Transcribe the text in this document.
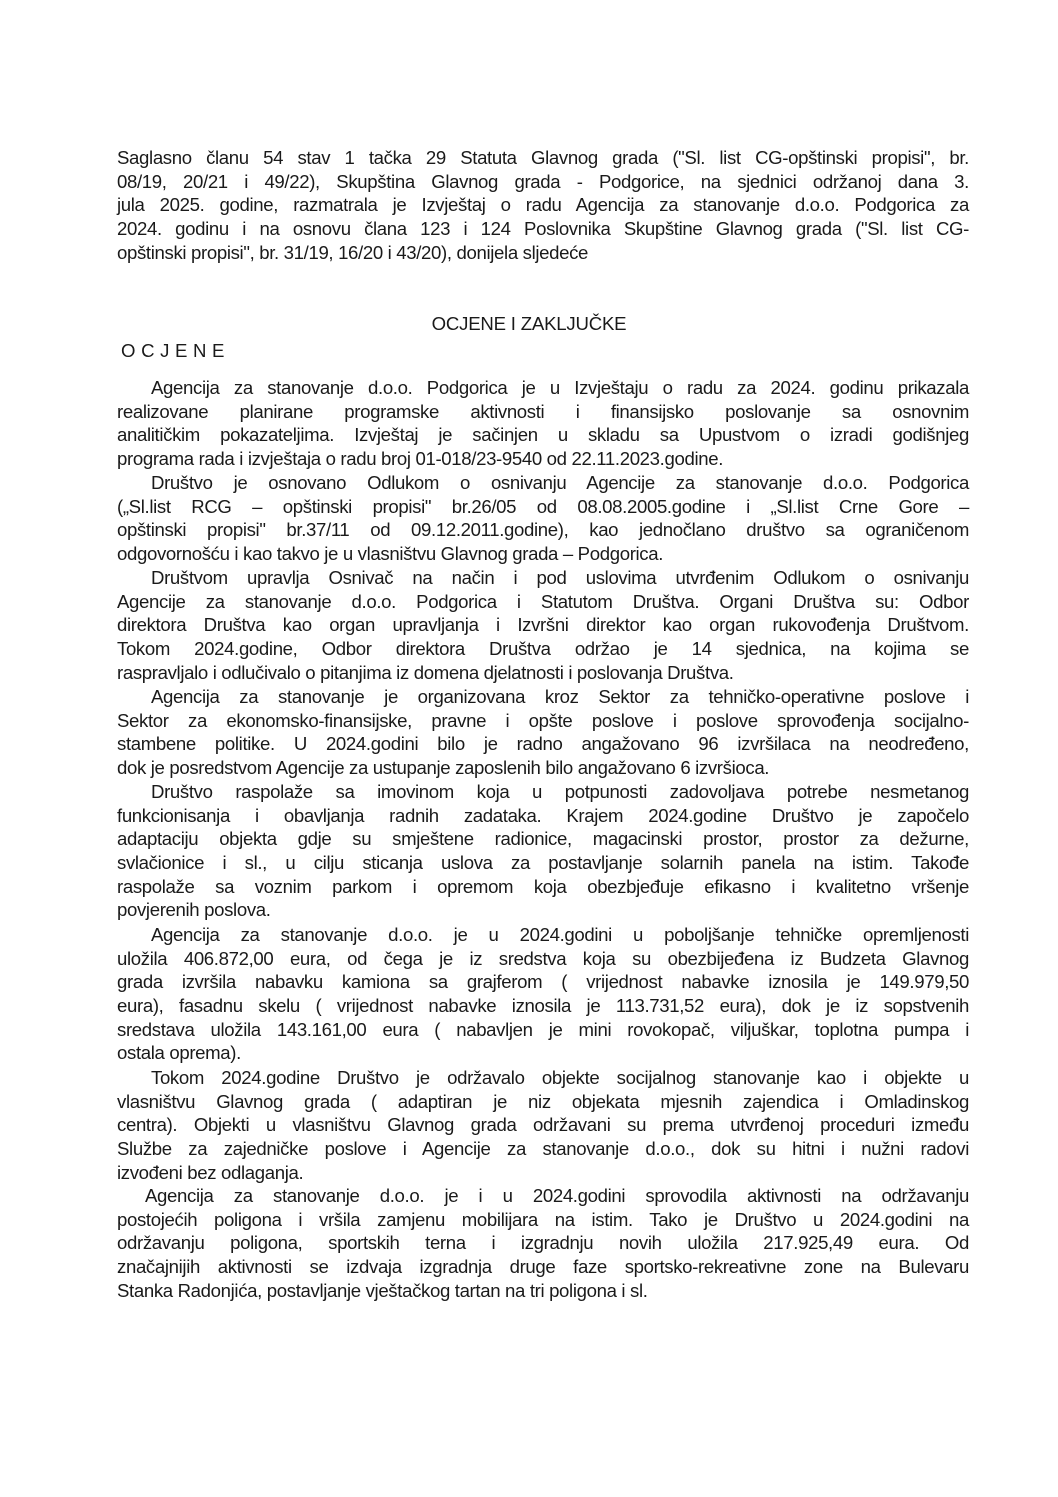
Saglasno članu 54 stav 1 tačka 29 Statuta Glavnog grada ("Sl. list CG-opštinski propisi", br.
08/19, 20/21 i 49/22), Skupština Glavnog grada - Podgorice, na sjednici održanoj dana 3.
jula 2025. godine, razmatrala je Izvještaj o radu Agencija za stanovanje d.o.o. Podgorica za
2024. godinu i na osnovu člana 123 i 124 Poslovnika Skupštine Glavnog grada ("Sl. list CG-
opštinski propisi", br. 31/19, 16/20 i 43/20), donijela sljedeće
OCJENE I ZAKLJUČKE
OCJENE
Agencija za stanovanje d.o.o. Podgorica je u Izvještaju o radu za 2024. godinu prikazala
realizovane planirane programske aktivnosti i finansijsko poslovanje sa osnovnim
analitičkim pokazateljima. Izvještaj je sačinjen u skladu sa Upustvom o izradi godišnjeg
programa rada i izvještaja o radu broj 01-018/23-9540 od 22.11.2023.godine.
Društvo je osnovano Odlukom o osnivanju Agencije za stanovanje d.o.o. Podgorica
(„Sl.list RCG – opštinski propisi" br.26/05 od 08.08.2005.godine i „Sl.list Crne Gore –
opštinski propisi" br.37/11 od 09.12.2011.godine), kao jednočlano društvo sa ograničenom
odgovornošću i kao takvo je u vlasništvu Glavnog grada – Podgorica.
Društvom upravlja Osnivač na način i pod uslovima utvrđenim Odlukom o osnivanju
Agencije za stanovanje d.o.o. Podgorica i Statutom Društva. Organi Društva su: Odbor
direktora Društva kao organ upravljanja i Izvršni direktor kao organ rukovođenja Društvom.
Tokom 2024.godine, Odbor direktora Društva održao je 14 sjednica, na kojima se
raspravljalo i odlučivalo o pitanjima iz domena djelatnosti i poslovanja Društva.
Agencija za stanovanje je organizovana kroz Sektor za tehničko-operativne poslove i
Sektor za ekonomsko-finansijske, pravne i opšte poslove i poslove sprovođenja socijalno-
stambene politike. U 2024.godini bilo je radno angažovano 96 izvršilaca na neodređeno,
dok je posredstvom Agencije za ustupanje zaposlenih bilo angažovano 6 izvršioca.
Društvo raspolaže sa imovinom koja u potpunosti zadovoljava potrebe nesmetanog
funkcionisanja i obavljanja radnih zadataka. Krajem 2024.godine Društvo je započelo
adaptaciju objekta gdje su smještene radionice, magacinski prostor, prostor za dežurne,
svlačionice i sl., u cilju sticanja uslova za postavljanje solarnih panela na istim. Takođe
raspolaže sa voznim parkom i opremom koja obezbjeđuje efikasno i kvalitetno vršenje
povjerenih poslova.
Agencija za stanovanje d.o.o. je u 2024.godini u poboljšanje tehničke opremljenosti
uložila 406.872,00 eura, od čega je iz sredstva koja su obezbijeđena iz Budzeta Glavnog
grada izvršila nabavku kamiona sa grajferom ( vrijednost nabavke iznosila je 149.979,50
eura), fasadnu skelu ( vrijednost nabavke iznosila je 113.731,52 eura), dok je iz sopstvenih
sredstava uložila 143.161,00 eura ( nabavljen je mini rovokopač, viljuškar, toplotna pumpa i
ostala oprema).
Tokom 2024.godine Društvo je održavalo objekte socijalnog stanovanje kao i objekte u
vlasništvu Glavnog grada ( adaptiran je niz objekata mjesnih zajendica i Omladinskog
centra). Objekti u vlasništvu Glavnog grada održavani su prema utvrđenoj proceduri između
Službe za zajedničke poslove i Agencije za stanovanje d.o.o., dok su hitni i nužni radovi
izvođeni bez odlaganja.
Agencija za stanovanje d.o.o. je i u 2024.godini sprovodila aktivnosti na održavanju
postojećih poligona i vršila zamjenu mobilijara na istim. Tako je Društvo u 2024.godini na
održavanju poligona, sportskih terna i izgradnju novih uložila 217.925,49 eura. Od
značajnijih aktivnosti se izdvaja izgradnja druge faze sportsko-rekreativne zone na Bulevaru
Stanka Radonjića, postavljanje vještačkog tartan na tri poligona i sl.
